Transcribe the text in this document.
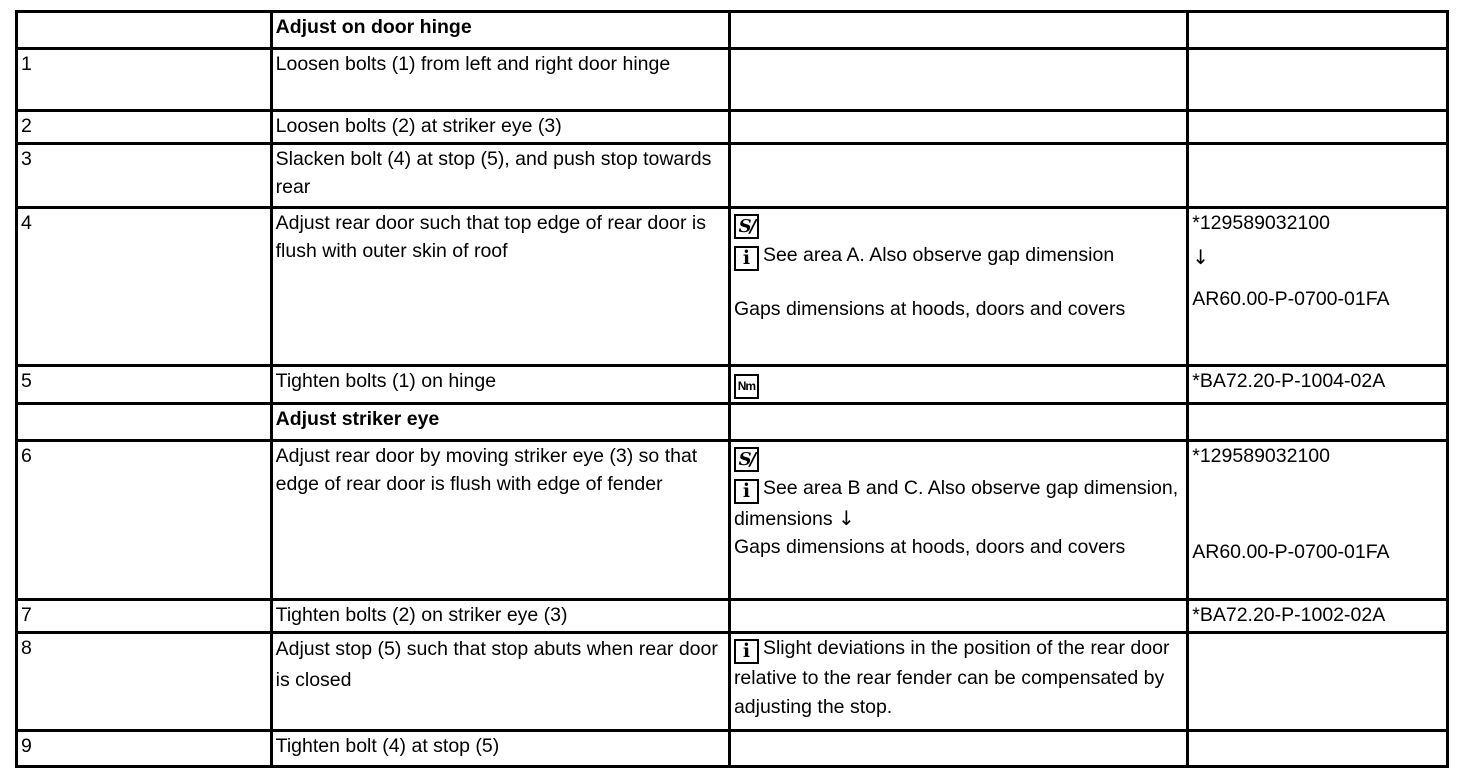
	Adjust on door hinge		
1	Loosen bolts (1) from left and right door hinge		
2	Loosen bolts (2) at striker eye (3)		
3	Slacken bolt (4) at stop (5), and push stop towards rear		
4	Adjust rear door such that top edge of rear door is flush with outer skin of roof	S/
i See area A. Also observe gap dimension
Gaps dimensions at hoods, doors and covers	*129589032100
↓
AR60.00-P-0700-01FA

5	Tighten bolts (1) on hinge	Nm	*BA72.20-P-1004-02A
	Adjust striker eye		
6	Adjust rear door by moving striker eye (3) so that edge of rear door is flush with edge of fender	S/
i See area B and C. Also observe gap dimension, dimensions ↓
Gaps dimensions at hoods, doors and covers	*129589032100
AR60.00-P-0700-01FA

7	Tighten bolts (2) on striker eye (3)		*BA72.20-P-1002-02A
8	Adjust stop (5) such that stop abuts when rear door is closed	i Slight deviations in the position of the rear door relative to the rear fender can be compensated by adjusting the stop.	
9	Tighten bolt (4) at stop (5)		
